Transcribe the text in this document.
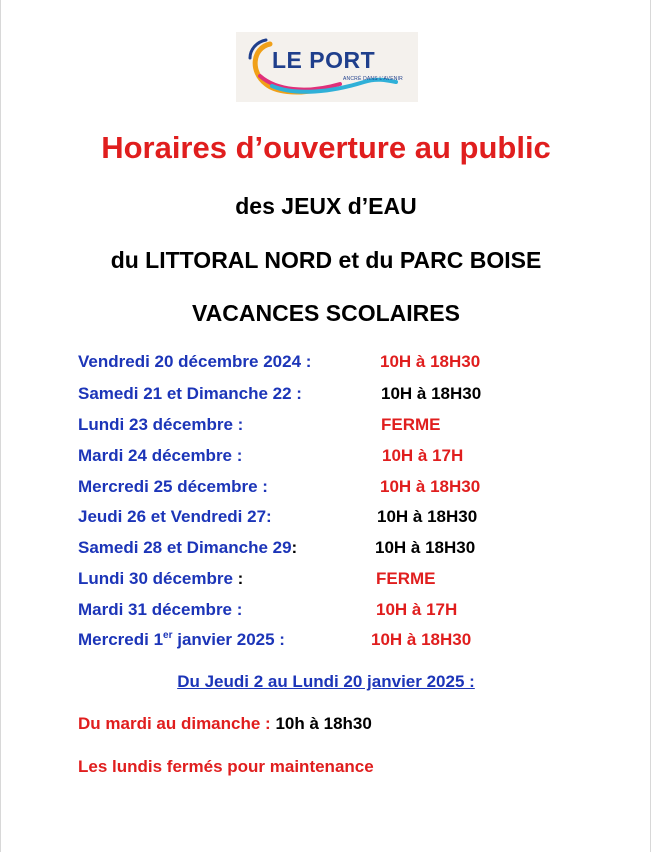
LE PORT
ANCRÉ DANS L'AVENIR
Horaires d’ouverture au public
des JEUX d’EAU
du LITTORAL NORD et du PARC BOISE
VACANCES SCOLAIRES
Vendredi 20 décembre 2024 :	10H à 18H30
Samedi 21 et Dimanche 22 :	10H à 18H30
Lundi 23 décembre :	FERME
Mardi 24 décembre :	10H à 17H
Mercredi 25 décembre :	10H à 18H30
Jeudi 26 et Vendredi 27:	10H à 18H30
Samedi 28 et Dimanche 29:	10H à 18H30
Lundi 30 décembre :	FERME
Mardi 31 décembre :	10H à 17H
Mercredi 1er janvier 2025 :	10H à 18H30
Du Jeudi 2 au Lundi 20 janvier 2025 :
Du mardi au dimanche : 10h à 18h30
Les lundis fermés pour maintenance
